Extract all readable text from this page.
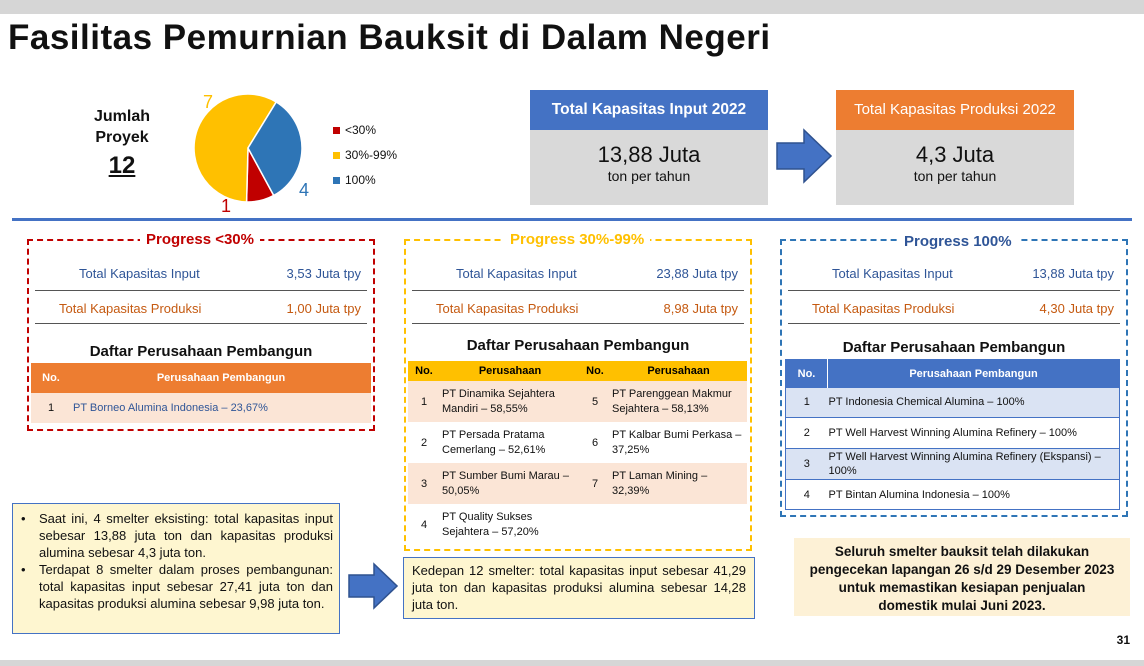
Fasilitas Pemurnian Bauksit di Dalam Negeri
Jumlah
Proyek
12
7
1
4
<30%
30%-99%
100%
Total Kapasitas Input 2022
13,88 Juta
ton per tahun
Total Kapasitas Produksi 2022
4,3 Juta
ton per tahun
Progress <30%
Total Kapasitas Input	3,53 Juta tpy
Total Kapasitas Produksi	1,00 Juta tpy
Daftar Perusahaan Pembangun
No.	Perusahaan Pembangun
1	PT Borneo Alumina Indonesia – 23,67%
Progress 30%-99%
Total Kapasitas Input	23,88 Juta tpy
Total Kapasitas Produksi	8,98 Juta tpy
Daftar Perusahaan Pembangun
No.	Perusahaan	No.	Perusahaan
1	PT Dinamika Sejahtera Mandiri – 58,55%	5	PT Parenggean Makmur Sejahtera – 58,13%
2	PT Persada Pratama Cemerlang – 52,61%	6	PT Kalbar Bumi Perkasa – 37,25%
3	PT Sumber Bumi Marau – 50,05%	7	PT Laman Mining – 32,39%
4	PT Quality Sukses Sejahtera – 57,20%		
Progress 100%
Total Kapasitas Input	13,88 Juta tpy
Total Kapasitas Produksi	4,30 Juta tpy
Daftar Perusahaan Pembangun
No.	Perusahaan Pembangun
1	PT Indonesia Chemical Alumina – 100%
2	PT Well Harvest Winning Alumina Refinery – 100%
3	PT Well Harvest Winning Alumina Refinery (Ekspansi) – 100%
4	PT Bintan Alumina Indonesia – 100%
•	Saat ini, 4 smelter eksisting: total kapasitas input sebesar 13,88 juta ton dan kapasitas produksi alumina sebesar 4,3 juta ton.
•	Terdapat 8 smelter dalam proses pembangunan: total kapasitas input sebesar 27,41 juta ton dan kapasitas produksi alumina sebesar 9,98 juta ton.
Kedepan 12 smelter: total kapasitas input sebesar 41,29 juta ton dan kapasitas produksi alumina sebesar 14,28 juta ton.
Seluruh smelter bauksit telah dilakukan pengecekan lapangan 26 s/d 29 Desember 2023 untuk memastikan kesiapan penjualan domestik mulai Juni 2023.
31
